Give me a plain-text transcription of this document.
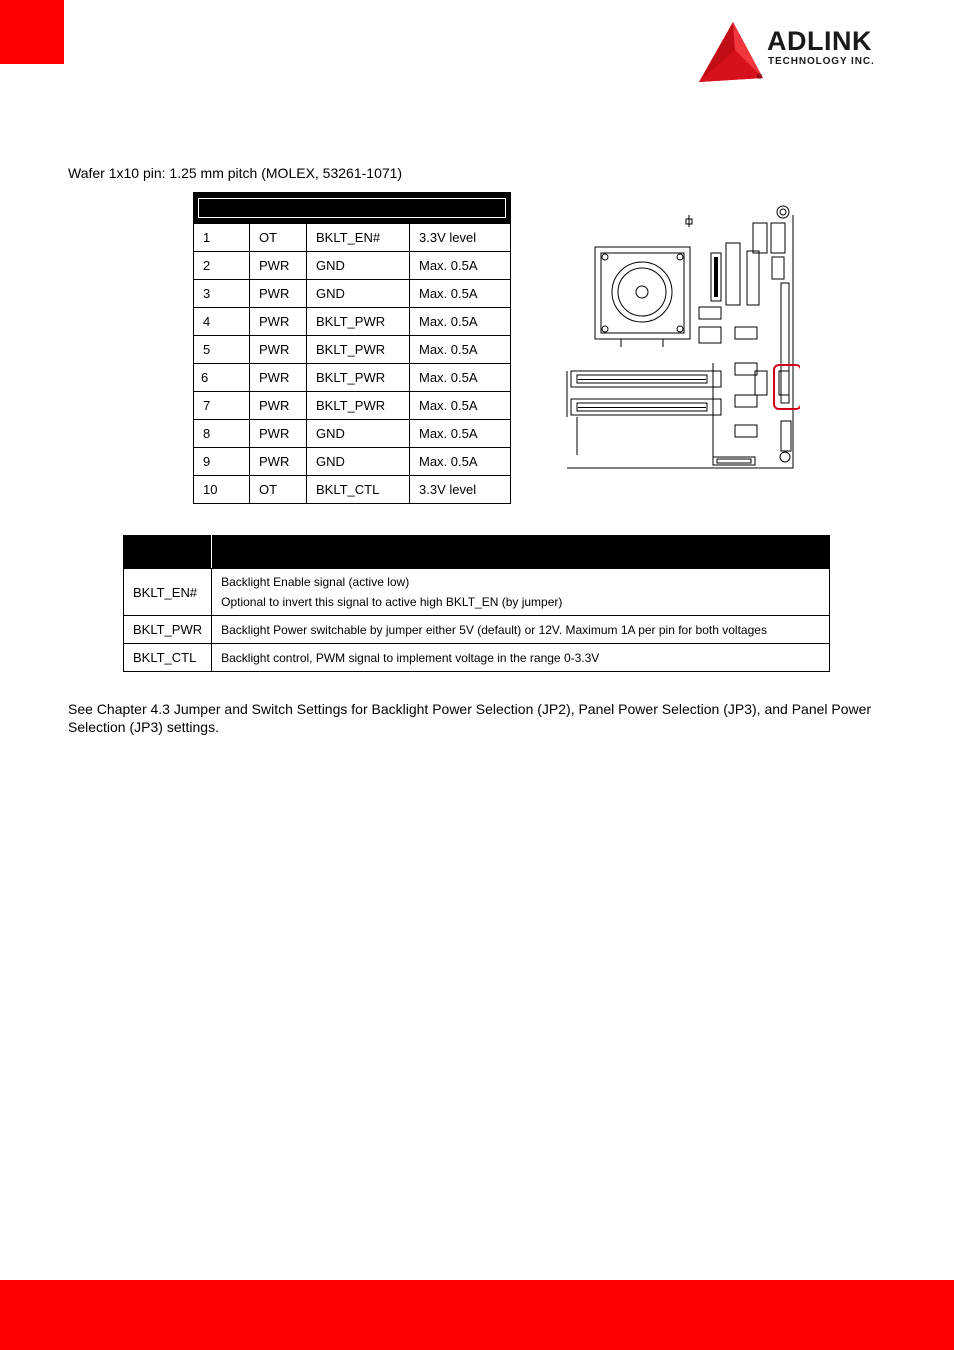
ADLINK
TECHNOLOGY INC.
®
Wafer 1x10 pin: 1.25 mm pitch (MOLEX, 53261-1071)

1	OT	BKLT_EN#	3.3V level
2	PWR	GND	Max. 0.5A
3	PWR	GND	Max. 0.5A
4	PWR	BKLT_PWR	Max. 0.5A
5	PWR	BKLT_PWR	Max. 0.5A
6	PWR	BKLT_PWR	Max. 0.5A
7	PWR	BKLT_PWR	Max. 0.5A
8	PWR	GND	Max. 0.5A
9	PWR	GND	Max. 0.5A
10	OT	BKLT_CTL	3.3V level

BKLT_EN#	Backlight Enable signal (active low)
Optional to invert this signal to active high BKLT_EN (by jumper)

BKLT_PWR	Backlight Power switchable by jumper either 5V (default) or 12V. Maximum 1A per pin for both voltages

BKLT_CTL	Backlight control, PWM signal to implement voltage in the range 0-3.3V
See Chapter 4.3 Jumper and Switch Settings for Backlight Power Selection (JP2), Panel Power Selection (JP3), and Panel Power Selection (JP3) settings.
